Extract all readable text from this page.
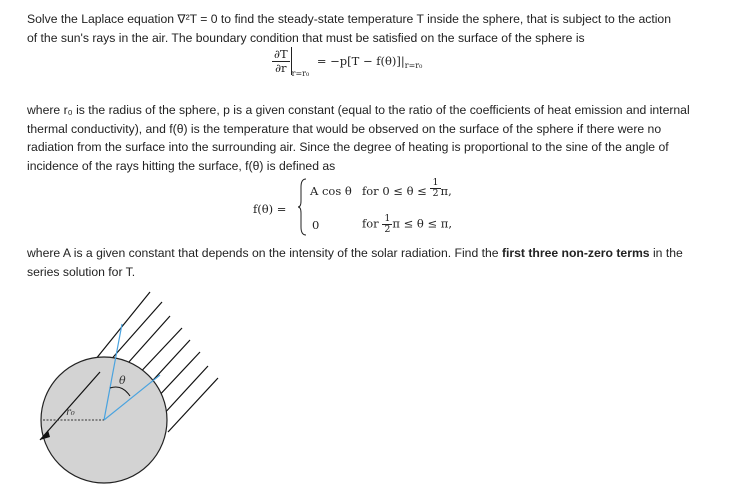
Solve the Laplace equation ∇²T = 0 to find the steady-state temperature T inside the sphere, that is subject to the action
of the sun's rays in the air. The boundary condition that must be satisfied on the surface of the sphere is
$\frac{\partial T}{\partial r} _{r=r_0} = -p[T - f(\theta)]|_{r=r_0}$
where r₀ is the radius of the sphere, p is a given constant (equal to the ratio of the coefficients of heat emission and internal
thermal conductivity), and f(θ) is the temperature that would be observed on the surface of the sphere if there were no
radiation from the surface into the surrounding air. Since the degree of heating is proportional to the sine of the angle of
incidence of the rays hitting the surface, f(θ) is defined as
f(θ) =
A cos θ for $0 \le \theta \le \frac{1}{2} \pi$,
0	for $\frac{1}{2}$ π ≤ θ ≤ π,
where A is a given constant that depends on the intensity of the solar radiation. Find the first three non-zero terms in the
series solution for T.
θ
r₀
